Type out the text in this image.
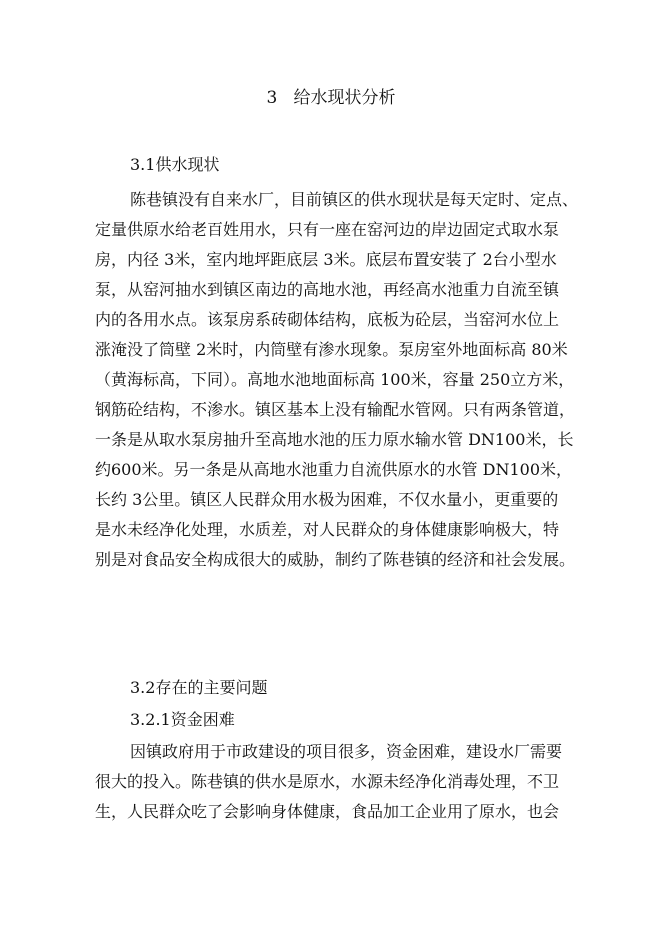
3   给水现状分析
3.1供水现状
陈巷镇没有自来水厂，目前镇区的供水现状是每天定时、定点、
定量供原水给老百姓用水，只有一座在窑河边的岸边固定式取水泵
房，内径 3米，室内地坪距底层 3米。底层布置安装了 2台小型水
泵，从窑河抽水到镇区南边的高地水池，再经高水池重力自流至镇
内的各用水点。该泵房系砖砌体结构，底板为砼层，当窑河水位上
涨淹没了筒壁 2米时，内筒壁有渗水现象。泵房室外地面标高 80米
（黄海标高，下同）。高地水池地面标高 100米，容量 250立方米，
钢筋砼结构，不渗水。镇区基本上没有输配水管网。只有两条管道，
一条是从取水泵房抽升至高地水池的压力原水输水管 DN100米，长
约600米。另一条是从高地水池重力自流供原水的水管 DN100米，
长约 3公里。镇区人民群众用水极为困难，不仅水量小，更重要的
是水未经净化处理，水质差，对人民群众的身体健康影响极大，特
别是对食品安全构成很大的威胁，制约了陈巷镇的经济和社会发展。
3.2存在的主要问题
3.2.1资金困难
因镇政府用于市政建设的项目很多，资金困难，建设水厂需要
很大的投入。陈巷镇的供水是原水，水源未经净化消毒处理，不卫
生，人民群众吃了会影响身体健康，食品加工企业用了原水，也会
